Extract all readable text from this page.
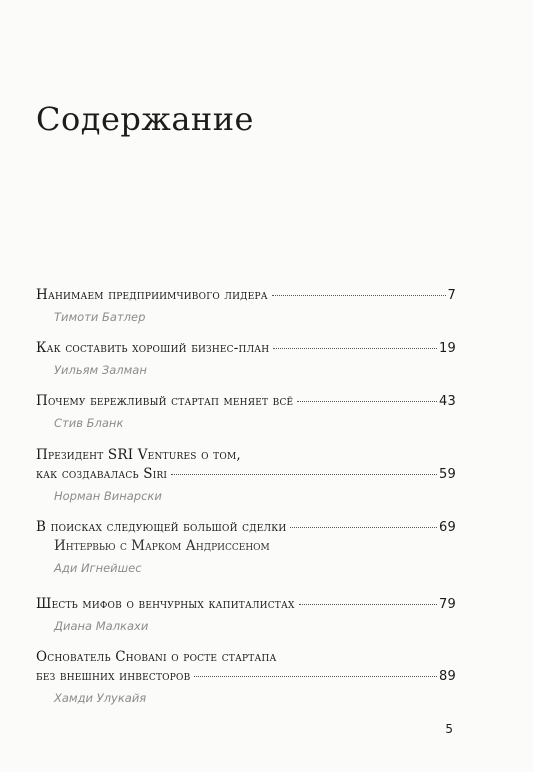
Содержание
Нанимаем предприимчивого лидера	7
Тимоти Батлер
Как составить хороший бизнес-план	19
Уильям Залман
Почему бережливый стартап меняет всё	43
Стив Бланк
Президент SRI Ventures о том,
как создавалась Siri	59
Норман Винарски
В поисках следующей большой сделки	69
Интервью с Марком Андриссеном
Ади Игнейшес
Шесть мифов о венчурных капиталистах	79
Диана Малкахи
Основатель Chobani о росте стартапа
без внешних инвесторов	89
Хамди Улукайя
5
